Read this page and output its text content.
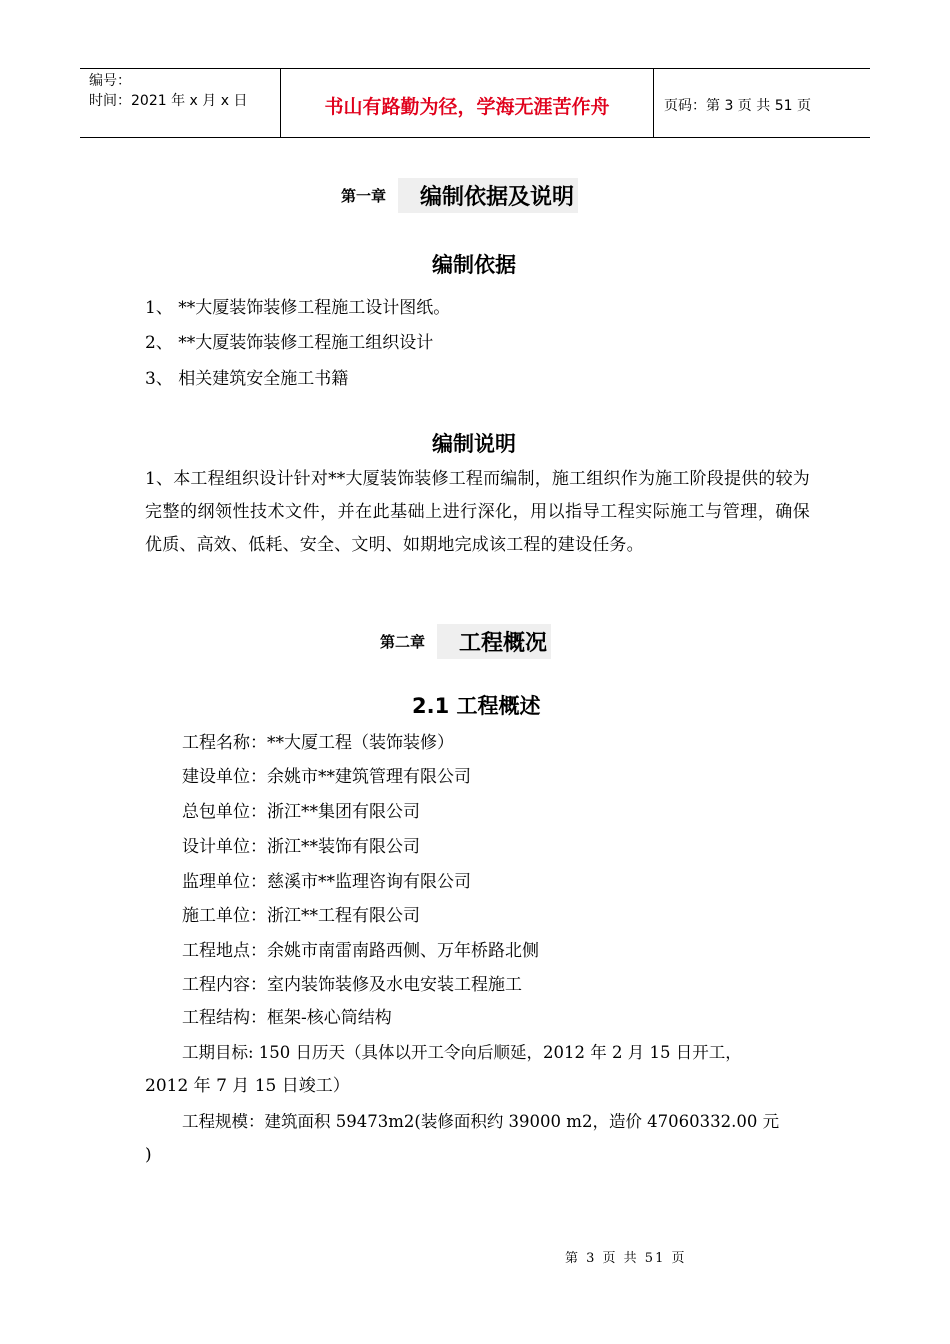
编号：
时间：2021 年 x 月 x 日	书山有路勤为径，学海无涯苦作舟	页码：第 3 页 共 51 页
第一章	编制依据及说明
编制依据
1、 **大厦装饰装修工程施工设计图纸。
2、 **大厦装饰装修工程施工组织设计
3、 相关建筑安全施工书籍
编制说明
1、本工程组织设计针对**大厦装饰装修工程而编制，施工组织作为施工阶段提供的较为完整的纲领性技术文件，并在此基础上进行深化，用以指导工程实际施工与管理，确保优质、高效、低耗、安全、文明、如期地完成该工程的建设任务。
第二章	工程概况
2.1 工程概述
工程名称：**大厦工程（装饰装修）
建设单位：余姚市**建筑管理有限公司
总包单位：浙江**集团有限公司
设计单位：浙江**装饰有限公司
监理单位：慈溪市**监理咨询有限公司
施工单位：浙江**工程有限公司
工程地点：余姚市南雷南路西侧、万年桥路北侧
工程内容：室内装饰装修及水电安装工程施工
工程结构：框架-核心筒结构
工期目标: 150 日历天（具体以开工令向后顺延，2012 年 2 月 15 日开工，
2012 年 7 月 15 日竣工）
工程规模：建筑面积 59473m2(装修面积约 39000 m2，造价 47060332.00 元
)
第 3 页 共 51 页
